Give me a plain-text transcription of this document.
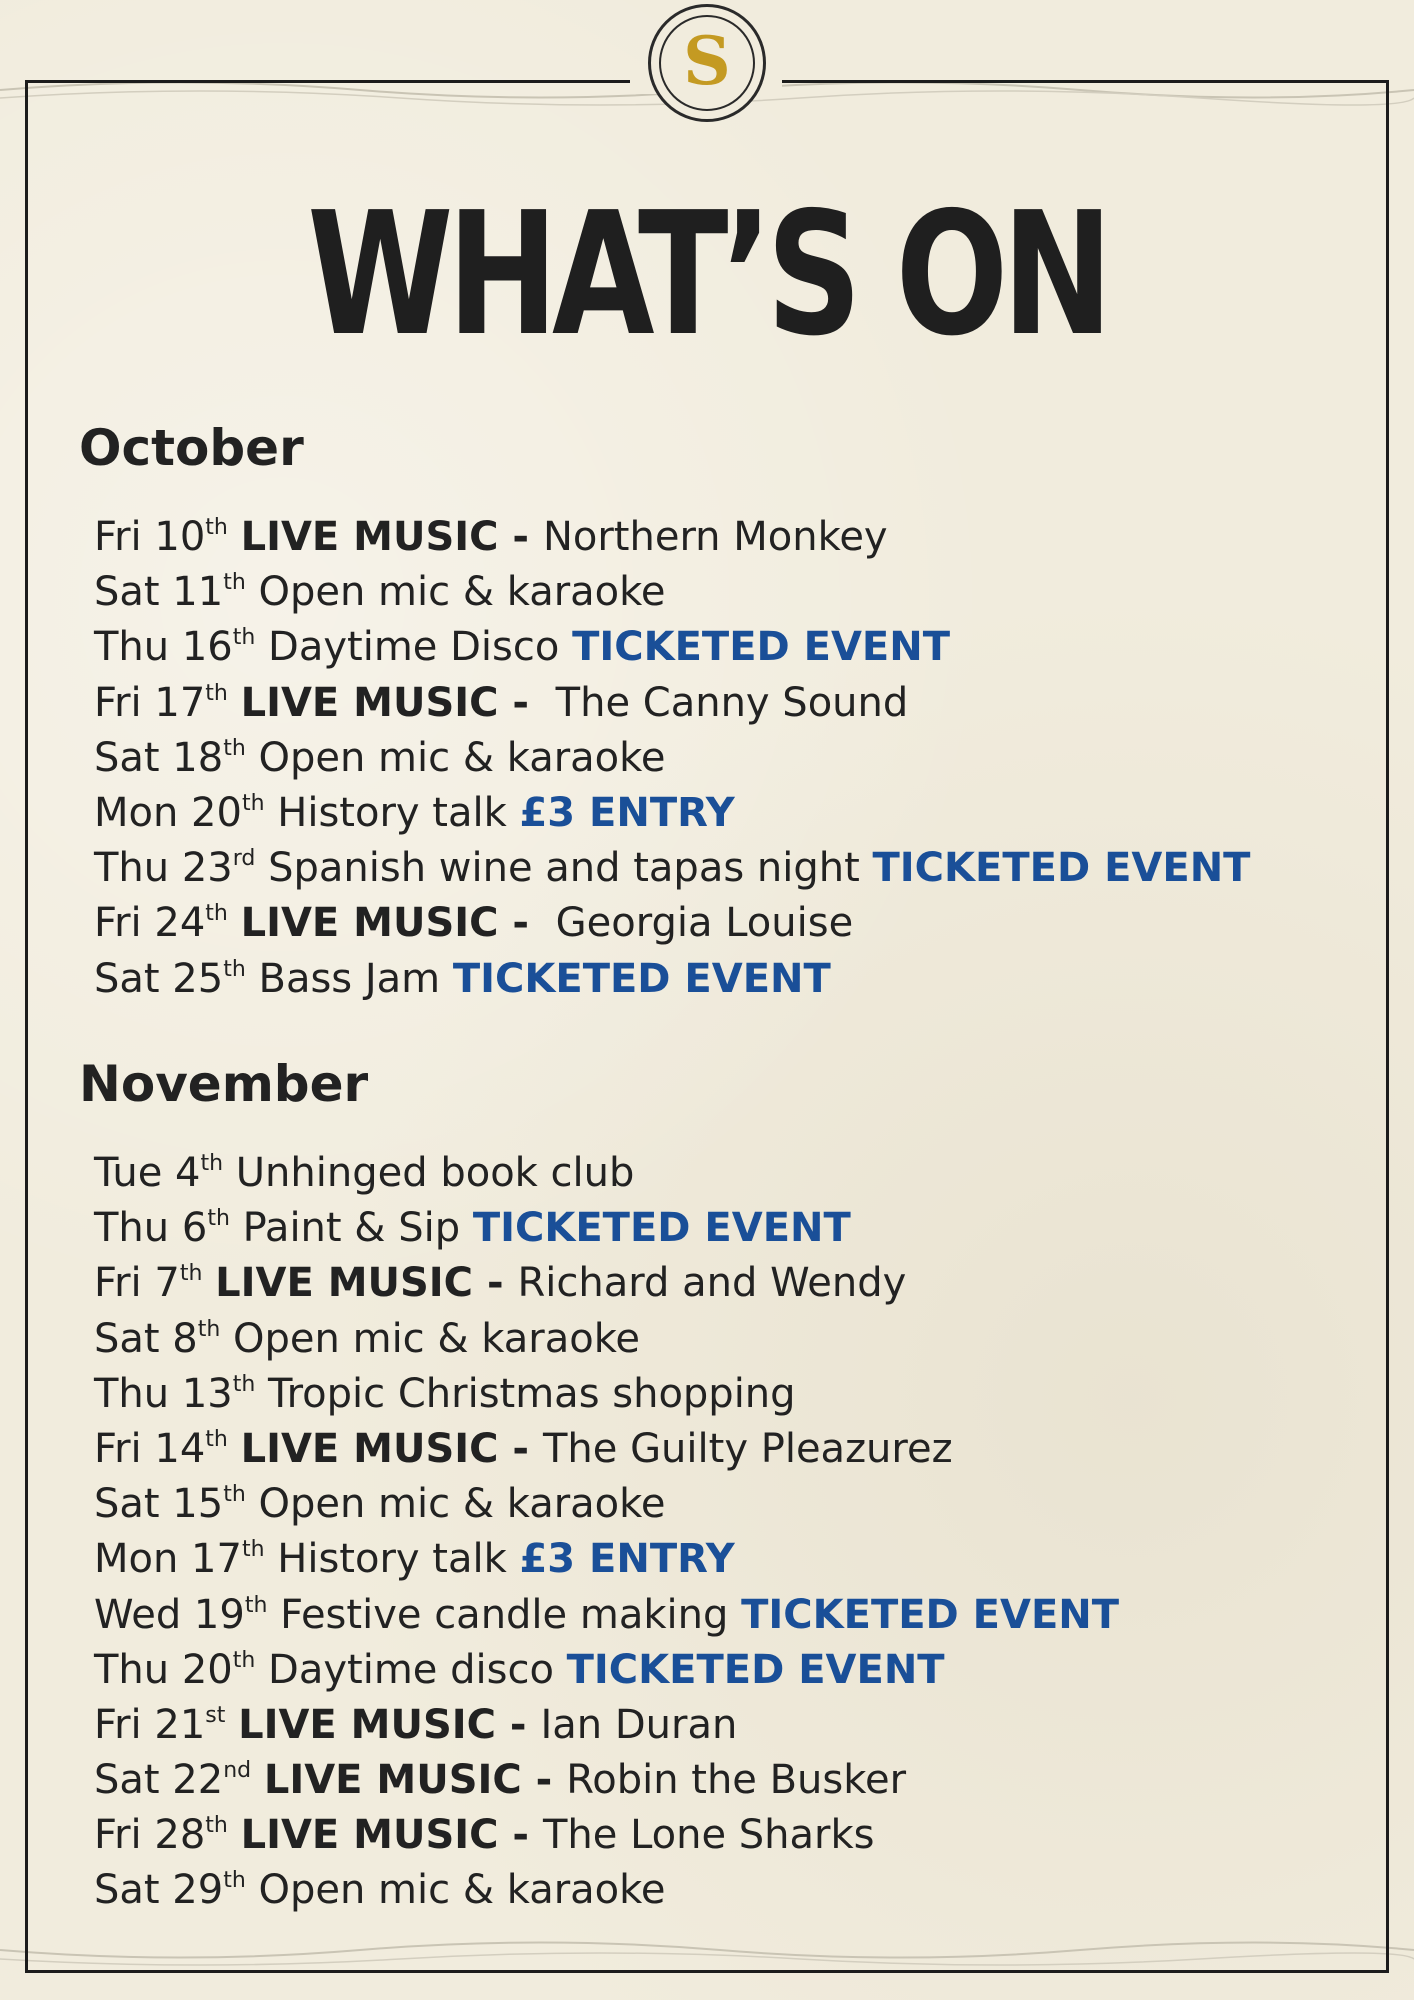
S
WHAT’S ON
October
Fri 10th LIVE MUSIC - Northern Monkey
Sat 11th Open mic & karaoke
Thu 16th Daytime Disco TICKETED EVENT
Fri 17th LIVE MUSIC -  The Canny Sound
Sat 18th Open mic & karaoke
Mon 20th History talk £3 ENTRY
Thu 23rd Spanish wine and tapas night TICKETED EVENT
Fri 24th LIVE MUSIC -  Georgia Louise
Sat 25th Bass Jam TICKETED EVENT
November
Tue 4th Unhinged book club
Thu 6th Paint & Sip TICKETED EVENT
Fri 7th LIVE MUSIC - Richard and Wendy
Sat 8th Open mic & karaoke
Thu 13th Tropic Christmas shopping
Fri 14th LIVE MUSIC - The Guilty Pleazurez
Sat 15th Open mic & karaoke
Mon 17th History talk £3 ENTRY
Wed 19th Festive candle making TICKETED EVENT
Thu 20th Daytime disco TICKETED EVENT
Fri 21st LIVE MUSIC - Ian Duran
Sat 22nd LIVE MUSIC - Robin the Busker
Fri 28th LIVE MUSIC - The Lone Sharks
Sat 29th Open mic & karaoke
